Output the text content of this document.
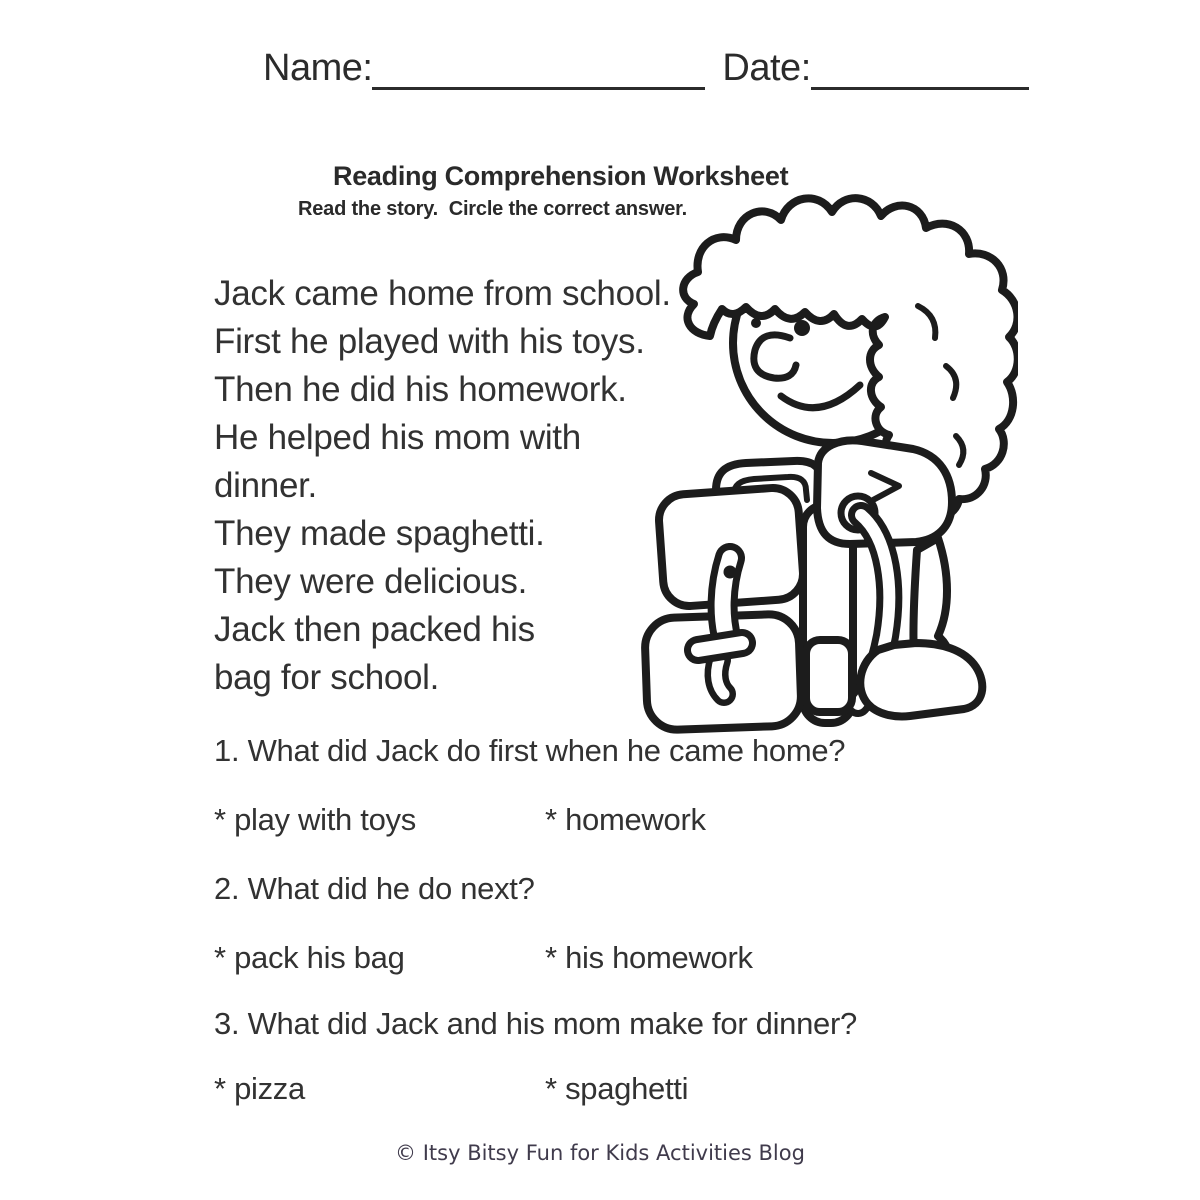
Name:	Date:
Reading Comprehension Worksheet
Read the story.  Circle the correct answer.
Jack came home from school.
First he played with his toys.
Then he did his homework.
He helped his mom with
dinner.
They made spaghetti.
They were delicious.
Jack then packed his
bag for school.
1. What did Jack do first when he came home?
* play with toys	* homework
2. What did he do next?
* pack his bag	* his homework
3. What did Jack and his mom make for dinner?
* pizza	* spaghetti
© Itsy Bitsy Fun for Kids Activities Blog
